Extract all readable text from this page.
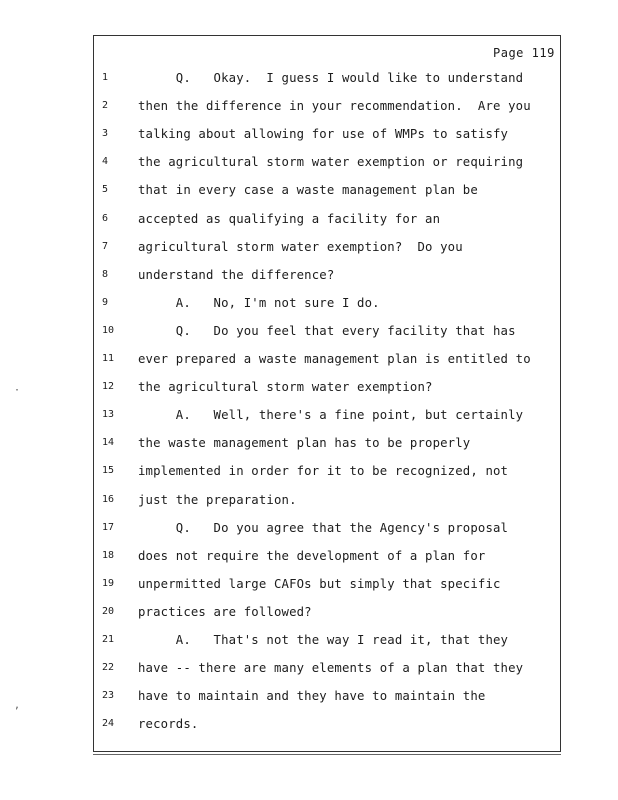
·
,
Page 119
1	Q.   Okay.  I guess I would like to understand
2	then the difference in your recommendation.  Are you
3	talking about allowing for use of WMPs to satisfy
4	the agricultural storm water exemption or requiring
5	that in every case a waste management plan be
6	accepted as qualifying a facility for an
7	agricultural storm water exemption?  Do you
8	understand the difference?
9	A.   No, I'm not sure I do.
10	Q.   Do you feel that every facility that has
11	ever prepared a waste management plan is entitled to
12	the agricultural storm water exemption?
13	A.   Well, there's a fine point, but certainly
14	the waste management plan has to be properly
15	implemented in order for it to be recognized, not
16	just the preparation.
17	Q.   Do you agree that the Agency's proposal
18	does not require the development of a plan for
19	unpermitted large CAFOs but simply that specific
20	practices are followed?
21	A.   That's not the way I read it, that they
22	have -- there are many elements of a plan that they
23	have to maintain and they have to maintain the
24	records.
